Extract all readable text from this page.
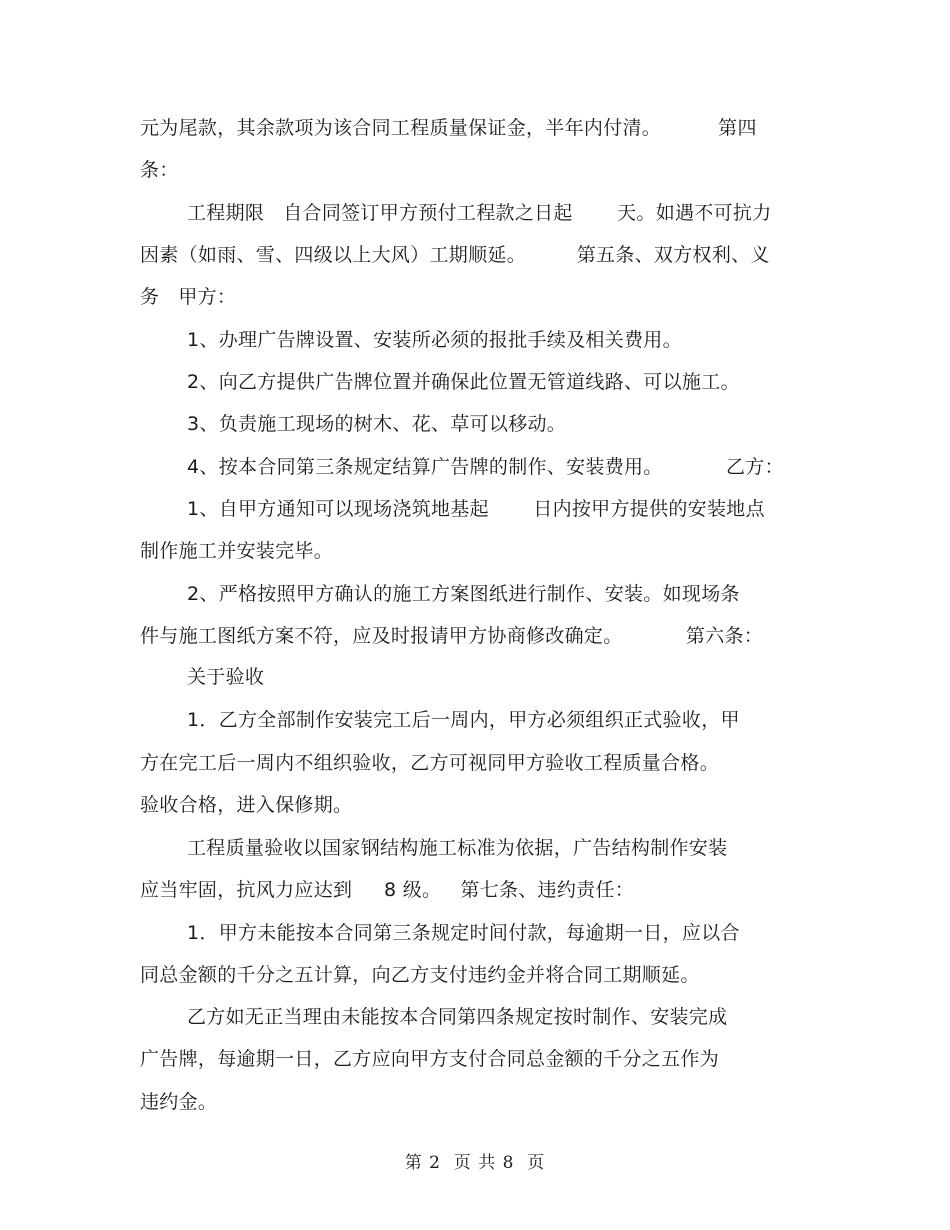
元为尾款，其余款项为该合同工程质量保证金，半年内付清。         第四
条：
工程期限   自合同签订甲方预付工程款之日起       天。如遇不可抗力
因素（如雨、雪、四级以上大风）工期顺延。        第五条、双方权利、义
务   甲方：
1、办理广告牌设置、安装所必须的报批手续及相关费用。
2、向乙方提供广告牌位置并确保此位置无管道线路、可以施工。
3、负责施工现场的树木、花、草可以移动。
4、按本合同第三条规定结算广告牌的制作、安装费用。          乙方：
1、自甲方通知可以现场浇筑地基起       日内按甲方提供的安装地点
制作施工并安装完毕。
2、严格按照甲方确认的施工方案图纸进行制作、安装。如现场条
件与施工图纸方案不符，应及时报请甲方协商修改确定。          第六条：
关于验收
1．乙方全部制作安装完工后一周内，甲方必须组织正式验收，甲
方在完工后一周内不组织验收，乙方可视同甲方验收工程质量合格。
验收合格，进入保修期。
工程质量验收以国家钢结构施工标准为依据，广告结构制作安装
应当牢固，抗风力应达到     8 级。   第七条、违约责任：
1．甲方未能按本合同第三条规定时间付款，每逾期一日，应以合
同总金额的千分之五计算，向乙方支付违约金并将合同工期顺延。
乙方如无正当理由未能按本合同第四条规定按时制作、安装完成
广告牌，每逾期一日，乙方应向甲方支付合同总金额的千分之五作为
违约金。
第 2  页 共 8  页
